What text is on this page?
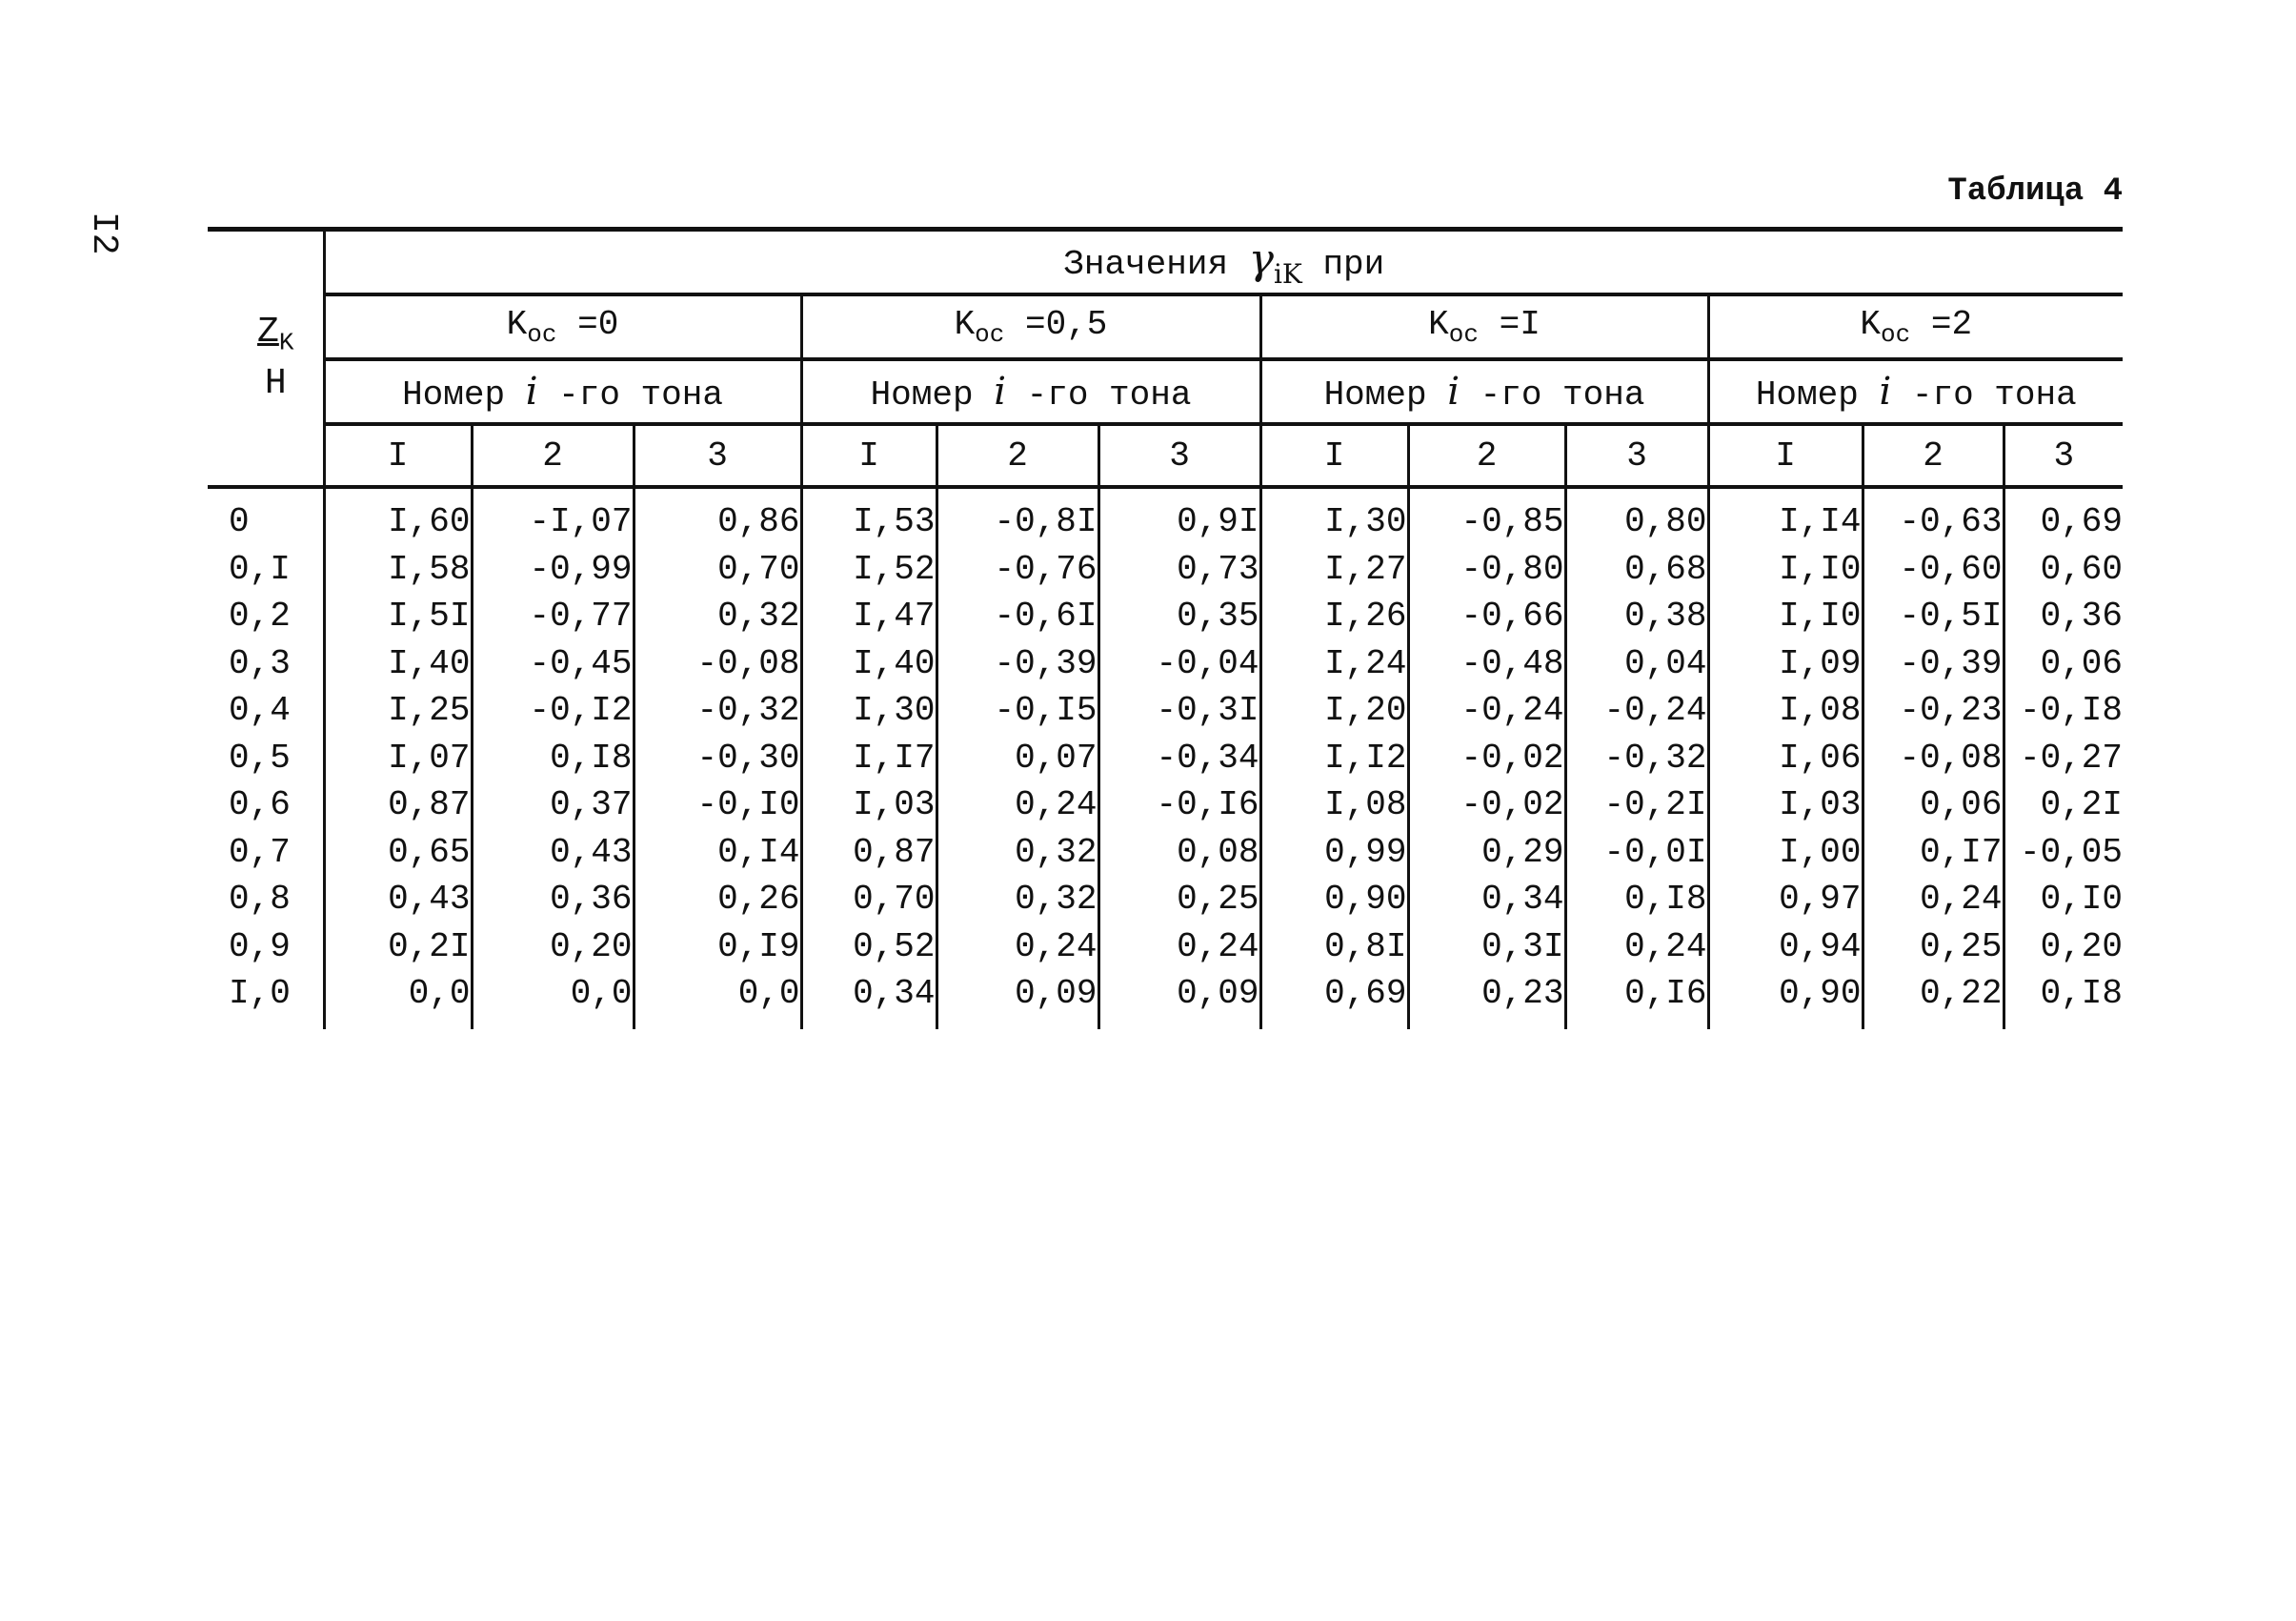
I2
Таблица 4
$\frac{Z_K}{H}$	Значения $\gamma_{iK}$ при											
	$K_{ос} =0$			$K_{ос} =0,5$			$K_{ос} =I$			$K_{ос} =2$		
	Номер i -го тона			Номер i -го тона			Номер i -го тона			Номер i -го тона		
	I	2	3	I	2	3	I	2	3	I	2	3
0	I,60	-I,07	0,86	I,53	-0,8I	0,9I	I,30	-0,85	0,80	I,I4	-0,63	0,69
0,I	I,58	-0,99	0,70	I,52	-0,76	0,73	I,27	-0,80	0,68	I,I0	-0,60	0,60
0,2	I,5I	-0,77	0,32	I,47	-0,6I	0,35	I,26	-0,66	0,38	I,I0	-0,5I	0,36
0,3	I,40	-0,45	-0,08	I,40	-0,39	-0,04	I,24	-0,48	0,04	I,09	-0,39	0,06
0,4	I,25	-0,I2	-0,32	I,30	-0,I5	-0,3I	I,20	-0,24	-0,24	I,08	-0,23	-0,I8
0,5	I,07	0,I8	-0,30	I,I7	0,07	-0,34	I,I2	-0,02	-0,32	I,06	-0,08	-0,27
0,6	0,87	0,37	-0,I0	I,03	0,24	-0,I6	I,08	-0,02	-0,2I	I,03	0,06	0,2I
0,7	0,65	0,43	0,I4	0,87	0,32	0,08	0,99	0,29	-0,0I	I,00	0,I7	-0,05
0,8	0,43	0,36	0,26	0,70	0,32	0,25	0,90	0,34	0,I8	0,97	0,24	0,I0
0,9	0,2I	0,20	0,I9	0,52	0,24	0,24	0,8I	0,3I	0,24	0,94	0,25	0,20
I,0	0,0	0,0	0,0	0,34	0,09	0,09	0,69	0,23	0,I6	0,90	0,22	0,I8
